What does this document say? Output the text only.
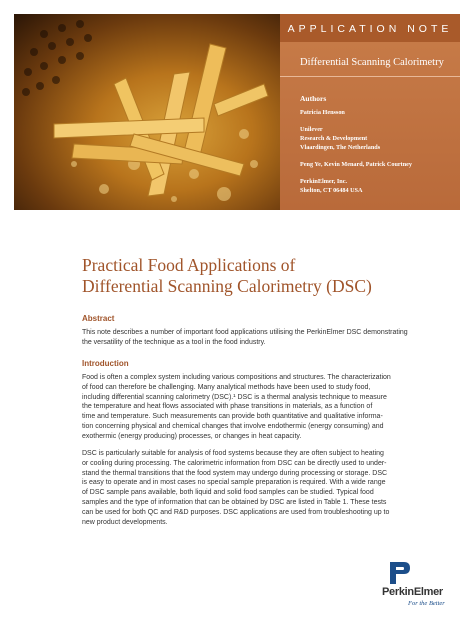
APPLICATION NOTE
Differential Scanning Calorimetry
Authors
Patricia Hensson
Unilever
Research & Development
Vlaardingen, The Netherlands
Peng Ye, Kevin Menard, Patrick Courtney
PerkinElmer, Inc.
Shelton, CT 06484 USA
Practical Food Applications of
Differential Scanning Calorimetry (DSC)
Abstract
This note describes a number of important food applications utilising the PerkinElmer DSC demonstrating the versatility of the technique as a tool in the food industry.
Introduction
Food is often a complex system including various compositions and structures. The characterization
of food can therefore be challenging. Many analytical methods have been used to study food,
including differential scanning calorimetry (DSC).¹ DSC is a thermal analysis technique to measure
the temperature and heat flows associated with phase transitions in materials, as a function of
time and temperature. Such measurements can provide both quantitative and qualitative informa-
tion concerning physical and chemical changes that involve endothermic (energy consuming) and
exothermic (energy producing) processes, or changes in heat capacity.
DSC is particularly suitable for analysis of food systems because they are often subject to heating
or cooling during processing. The calorimetric information from DSC can be directly used to under-
stand the thermal transitions that the food system may undergo during processing or storage. DSC
is easy to operate and in most cases no special sample preparation is required. With a wide range
of DSC sample pans available, both liquid and solid food samples can be studied. Typical food
samples and the type of information that can be obtained by DSC are listed in Table 1. These tests
can be used for both QC and R&D purposes. DSC applications are used from troubleshooting up to
new product developments.
PerkinElmer
For the Better
